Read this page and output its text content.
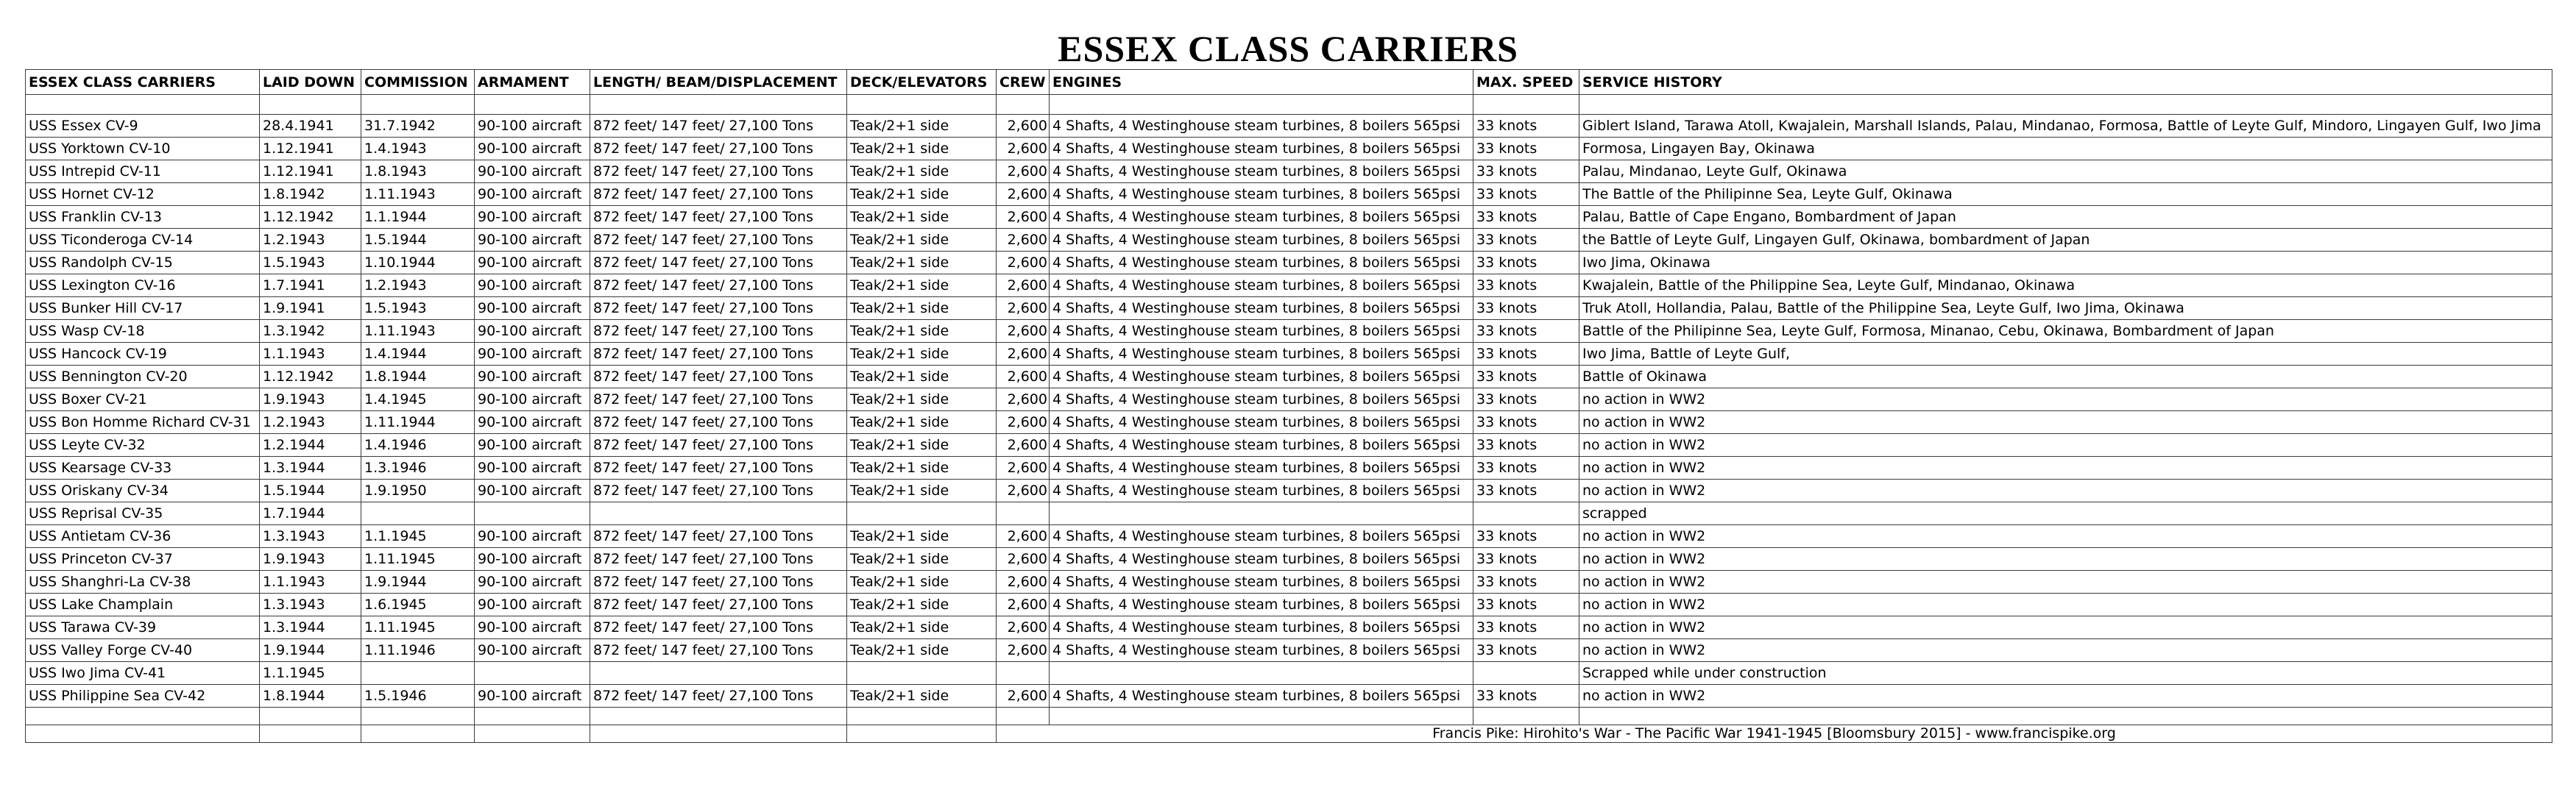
ESSEX CLASS CARRIERS
ESSEX CLASS CARRIERS	LAID DOWN	COMMISSION	ARMAMENT	LENGTH/ BEAM/DISPLACEMENT	DECK/ELEVATORS	CREW	ENGINES	MAX. SPEED	SERVICE HISTORY

USS Essex CV-9	28.4.1941	31.7.1942	90-100 aircraft	872 feet/ 147 feet/ 27,100 Tons	Teak/2+1 side	2,600	4 Shafts, 4 Westinghouse steam turbines, 8 boilers 565psi	33 knots	Giblert Island, Tarawa Atoll, Kwajalein, Marshall Islands, Palau, Mindanao, Formosa, Battle of Leyte Gulf, Mindoro, Lingayen Gulf, Iwo Jima
USS Yorktown CV-10	1.12.1941	1.4.1943	90-100 aircraft	872 feet/ 147 feet/ 27,100 Tons	Teak/2+1 side	2,600	4 Shafts, 4 Westinghouse steam turbines, 8 boilers 565psi	33 knots	Formosa, Lingayen Bay, Okinawa
USS Intrepid CV-11	1.12.1941	1.8.1943	90-100 aircraft	872 feet/ 147 feet/ 27,100 Tons	Teak/2+1 side	2,600	4 Shafts, 4 Westinghouse steam turbines, 8 boilers 565psi	33 knots	Palau, Mindanao, Leyte Gulf, Okinawa
USS Hornet CV-12	1.8.1942	1.11.1943	90-100 aircraft	872 feet/ 147 feet/ 27,100 Tons	Teak/2+1 side	2,600	4 Shafts, 4 Westinghouse steam turbines, 8 boilers 565psi	33 knots	The Battle of the Philipinne Sea, Leyte Gulf, Okinawa
USS Franklin CV-13	1.12.1942	1.1.1944	90-100 aircraft	872 feet/ 147 feet/ 27,100 Tons	Teak/2+1 side	2,600	4 Shafts, 4 Westinghouse steam turbines, 8 boilers 565psi	33 knots	Palau, Battle of Cape Engano, Bombardment of Japan
USS Ticonderoga CV-14	1.2.1943	1.5.1944	90-100 aircraft	872 feet/ 147 feet/ 27,100 Tons	Teak/2+1 side	2,600	4 Shafts, 4 Westinghouse steam turbines, 8 boilers 565psi	33 knots	the Battle of Leyte Gulf, Lingayen Gulf, Okinawa, bombardment of Japan
USS Randolph CV-15	1.5.1943	1.10.1944	90-100 aircraft	872 feet/ 147 feet/ 27,100 Tons	Teak/2+1 side	2,600	4 Shafts, 4 Westinghouse steam turbines, 8 boilers 565psi	33 knots	Iwo Jima, Okinawa
USS Lexington CV-16	1.7.1941	1.2.1943	90-100 aircraft	872 feet/ 147 feet/ 27,100 Tons	Teak/2+1 side	2,600	4 Shafts, 4 Westinghouse steam turbines, 8 boilers 565psi	33 knots	Kwajalein, Battle of the Philippine Sea, Leyte Gulf, Mindanao, Okinawa
USS Bunker Hill CV-17	1.9.1941	1.5.1943	90-100 aircraft	872 feet/ 147 feet/ 27,100 Tons	Teak/2+1 side	2,600	4 Shafts, 4 Westinghouse steam turbines, 8 boilers 565psi	33 knots	Truk Atoll, Hollandia, Palau, Battle of the Philippine Sea, Leyte Gulf, Iwo Jima, Okinawa
USS Wasp CV-18	1.3.1942	1.11.1943	90-100 aircraft	872 feet/ 147 feet/ 27,100 Tons	Teak/2+1 side	2,600	4 Shafts, 4 Westinghouse steam turbines, 8 boilers 565psi	33 knots	Battle of the Philipinne Sea, Leyte Gulf, Formosa, Minanao, Cebu, Okinawa, Bombardment of Japan
USS Hancock CV-19	1.1.1943	1.4.1944	90-100 aircraft	872 feet/ 147 feet/ 27,100 Tons	Teak/2+1 side	2,600	4 Shafts, 4 Westinghouse steam turbines, 8 boilers 565psi	33 knots	Iwo Jima, Battle of Leyte Gulf,
USS Bennington CV-20	1.12.1942	1.8.1944	90-100 aircraft	872 feet/ 147 feet/ 27,100 Tons	Teak/2+1 side	2,600	4 Shafts, 4 Westinghouse steam turbines, 8 boilers 565psi	33 knots	Battle of Okinawa
USS Boxer CV-21	1.9.1943	1.4.1945	90-100 aircraft	872 feet/ 147 feet/ 27,100 Tons	Teak/2+1 side	2,600	4 Shafts, 4 Westinghouse steam turbines, 8 boilers 565psi	33 knots	no action in WW2
USS Bon Homme Richard CV-31	1.2.1943	1.11.1944	90-100 aircraft	872 feet/ 147 feet/ 27,100 Tons	Teak/2+1 side	2,600	4 Shafts, 4 Westinghouse steam turbines, 8 boilers 565psi	33 knots	no action in WW2
USS Leyte CV-32	1.2.1944	1.4.1946	90-100 aircraft	872 feet/ 147 feet/ 27,100 Tons	Teak/2+1 side	2,600	4 Shafts, 4 Westinghouse steam turbines, 8 boilers 565psi	33 knots	no action in WW2
USS Kearsage CV-33	1.3.1944	1.3.1946	90-100 aircraft	872 feet/ 147 feet/ 27,100 Tons	Teak/2+1 side	2,600	4 Shafts, 4 Westinghouse steam turbines, 8 boilers 565psi	33 knots	no action in WW2
USS Oriskany CV-34	1.5.1944	1.9.1950	90-100 aircraft	872 feet/ 147 feet/ 27,100 Tons	Teak/2+1 side	2,600	4 Shafts, 4 Westinghouse steam turbines, 8 boilers 565psi	33 knots	no action in WW2
USS Reprisal CV-35	1.7.1944								scrapped
USS Antietam CV-36	1.3.1943	1.1.1945	90-100 aircraft	872 feet/ 147 feet/ 27,100 Tons	Teak/2+1 side	2,600	4 Shafts, 4 Westinghouse steam turbines, 8 boilers 565psi	33 knots	no action in WW2
USS Princeton CV-37	1.9.1943	1.11.1945	90-100 aircraft	872 feet/ 147 feet/ 27,100 Tons	Teak/2+1 side	2,600	4 Shafts, 4 Westinghouse steam turbines, 8 boilers 565psi	33 knots	no action in WW2
USS Shanghri-La CV-38	1.1.1943	1.9.1944	90-100 aircraft	872 feet/ 147 feet/ 27,100 Tons	Teak/2+1 side	2,600	4 Shafts, 4 Westinghouse steam turbines, 8 boilers 565psi	33 knots	no action in WW2
USS Lake Champlain	1.3.1943	1.6.1945	90-100 aircraft	872 feet/ 147 feet/ 27,100 Tons	Teak/2+1 side	2,600	4 Shafts, 4 Westinghouse steam turbines, 8 boilers 565psi	33 knots	no action in WW2
USS Tarawa CV-39	1.3.1944	1.11.1945	90-100 aircraft	872 feet/ 147 feet/ 27,100 Tons	Teak/2+1 side	2,600	4 Shafts, 4 Westinghouse steam turbines, 8 boilers 565psi	33 knots	no action in WW2
USS Valley Forge CV-40	1.9.1944	1.11.1946	90-100 aircraft	872 feet/ 147 feet/ 27,100 Tons	Teak/2+1 side	2,600	4 Shafts, 4 Westinghouse steam turbines, 8 boilers 565psi	33 knots	no action in WW2
USS Iwo Jima CV-41	1.1.1945								Scrapped while under construction
USS Philippine Sea CV-42	1.8.1944	1.5.1946	90-100 aircraft	872 feet/ 147 feet/ 27,100 Tons	Teak/2+1 side	2,600	4 Shafts, 4 Westinghouse steam turbines, 8 boilers 565psi	33 knots	no action in WW2

						Francis Pike: Hirohito's War - The Pacific War 1941-1945 [Bloomsbury 2015] - www.francispike.org			
